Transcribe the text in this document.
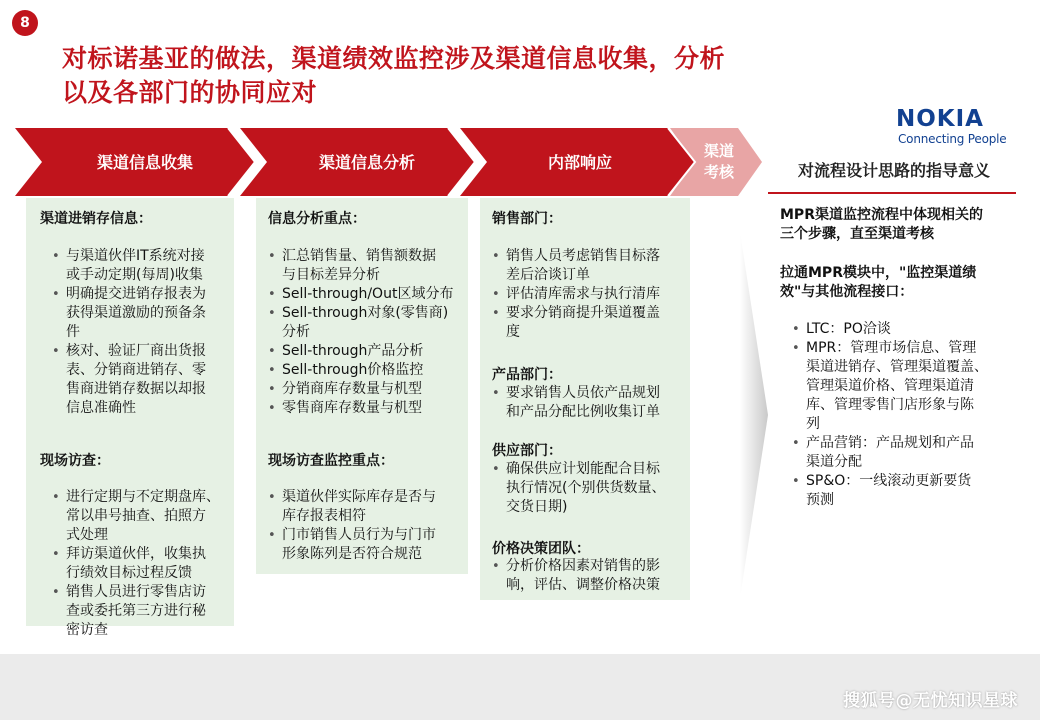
8
对标诺基亚的做法，渠道绩效监控涉及渠道信息收集，分析
以及各部门的协同应对
NOKIA
Connecting People
渠道信息收集	渠道信息分析	内部响应
渠道
考核	对流程设计思路的指导意义
渠道进销存信息：
• 与渠道伙伴IT系统对接
或手动定期(每周)收集
• 明确提交进销存报表为
获得渠道激励的预备条
件
• 核对、验证厂商出货报
表、分销商进销存、零
售商进销存数据以却报
信息准确性
现场访查：
• 进行定期与不定期盘库、
常以串号抽查、拍照方
式处理
• 拜访渠道伙伴，收集执
行绩效目标过程反馈
• 销售人员进行零售店访
查或委托第三方进行秘
密访查
信息分析重点：
• 汇总销售量、销售额数据
与目标差异分析
• Sell-through/Out区域分布
• Sell-through对象(零售商)
分析
• Sell-through产品分析
• Sell-through价格监控
• 分销商库存数量与机型
• 零售商库存数量与机型
现场访查监控重点：
• 渠道伙伴实际库存是否与
库存报表相符
• 门市销售人员行为与门市
形象陈列是否符合规范
销售部门：
• 销售人员考虑销售目标落
差后洽谈订单
• 评估清库需求与执行清库
• 要求分销商提升渠道覆盖
度
产品部门：
• 要求销售人员依产品规划
和产品分配比例收集订单
供应部门：
• 确保供应计划能配合目标
执行情况(个别供货数量、
交货日期)
价格决策团队：
• 分析价格因素对销售的影
响，评估、调整价格决策
MPR渠道监控流程中体现相关的
三个步骤，直至渠道考核
拉通MPR模块中，"监控渠道绩
效"与其他流程接口：
• LTC：PO洽谈
• MPR：管理市场信息、管理
渠道进销存、管理渠道覆盖、
管理渠道价格、管理渠道清
库、管理零售门店形象与陈
列
• 产品营销：产品规划和产品
渠道分配
• SP&O：一线滚动更新要货
预测
搜狐号@无忧知识星球
